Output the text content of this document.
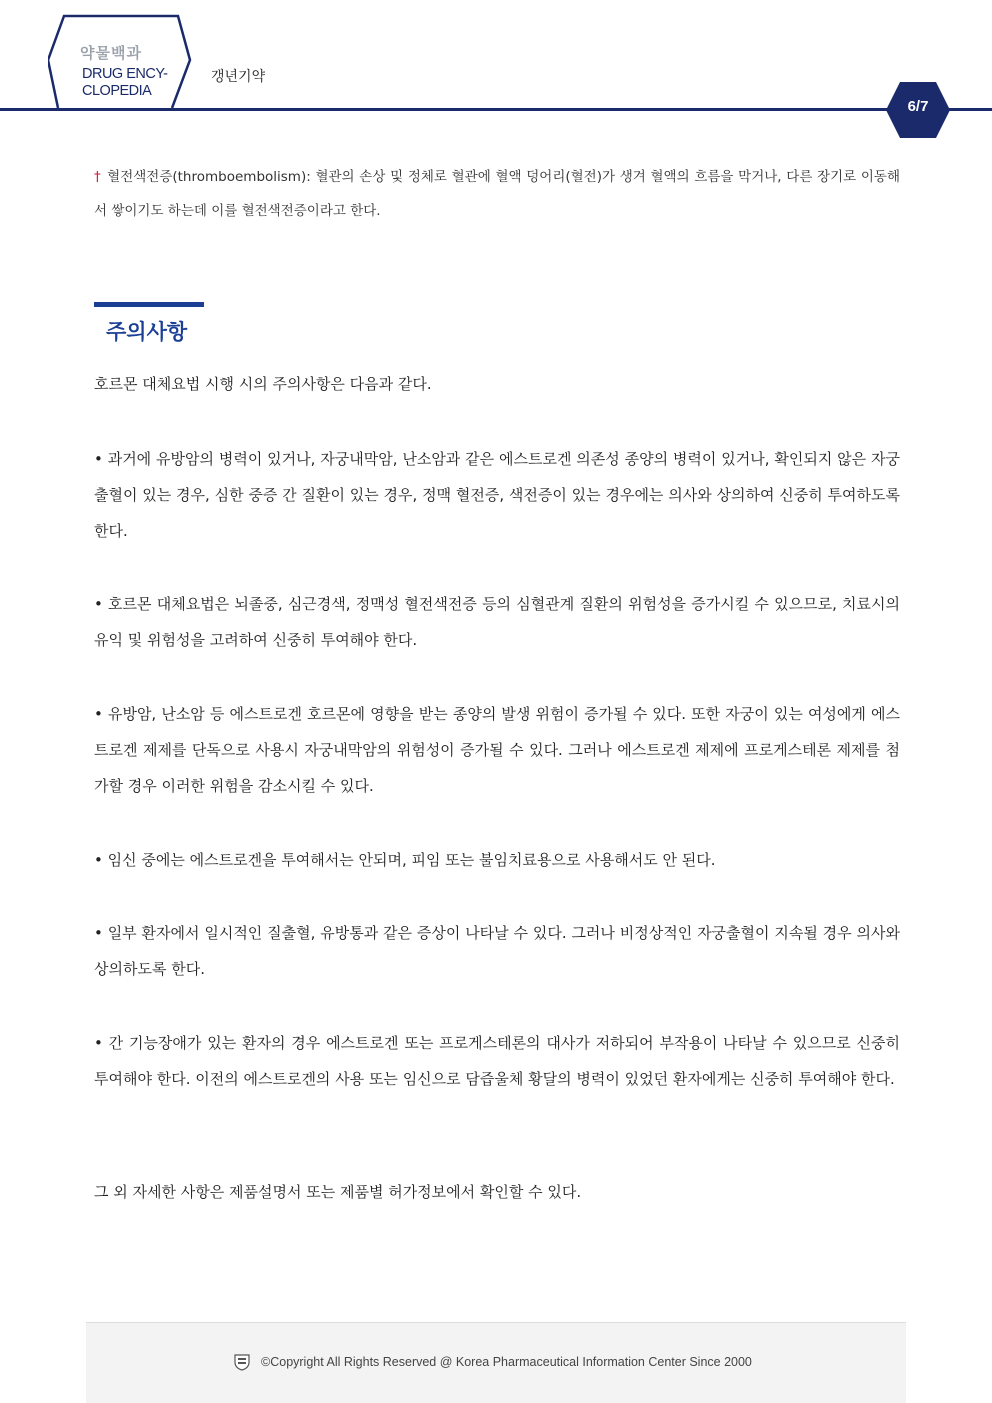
약물백과
DRUG ENCY-
CLOPEDIA
갱년기약
6/7
† 혈전색전증(thromboembolism): 혈관의 손상 및 정체로 혈관에 혈액 덩어리(혈전)가 생겨 혈액의 흐름을 막거나, 다른 장기로 이동해서 쌓이기도 하는데 이를 혈전색전증이라고 한다.
주의사항
호르몬 대체요법 시행 시의 주의사항은 다음과 같다.
• 과거에 유방암의 병력이 있거나, 자궁내막암, 난소암과 같은 에스트로겐 의존성 종양의 병력이 있거나, 확인되지 않은 자궁출혈이 있는 경우, 심한 중증 간 질환이 있는 경우, 정맥 혈전증, 색전증이 있는 경우에는 의사와 상의하여 신중히 투여하도록 한다.
• 호르몬 대체요법은 뇌졸중, 심근경색, 정맥성 혈전색전증 등의 심혈관계 질환의 위험성을 증가시킬 수 있으므로, 치료시의 유익 및 위험성을 고려하여 신중히 투여해야 한다.
• 유방암, 난소암 등 에스트로겐 호르몬에 영향을 받는 종양의 발생 위험이 증가될 수 있다. 또한 자궁이 있는 여성에게 에스트로겐 제제를 단독으로 사용시 자궁내막암의 위험성이 증가될 수 있다. 그러나 에스트로겐 제제에 프로게스테론 제제를 첨가할 경우 이러한 위험을 감소시킬 수 있다.
• 임신 중에는 에스트로겐을 투여해서는 안되며, 피임 또는 불임치료용으로 사용해서도 안 된다.
• 일부 환자에서 일시적인 질출혈, 유방통과 같은 증상이 나타날 수 있다. 그러나 비정상적인 자궁출혈이 지속될 경우 의사와 상의하도록 한다.
• 간 기능장애가 있는 환자의 경우 에스트로겐 또는 프로게스테론의 대사가 저하되어 부작용이 나타날 수 있으므로 신중히 투여해야 한다. 이전의 에스트로겐의 사용 또는 임신으로 담즙울체 황달의 병력이 있었던 환자에게는 신중히 투여해야 한다.
그 외 자세한 사항은 제품설명서 또는 제품별 허가정보에서 확인할 수 있다.
©Copyright All Rights Reserved @ Korea Pharmaceutical Information Center Since 2000
